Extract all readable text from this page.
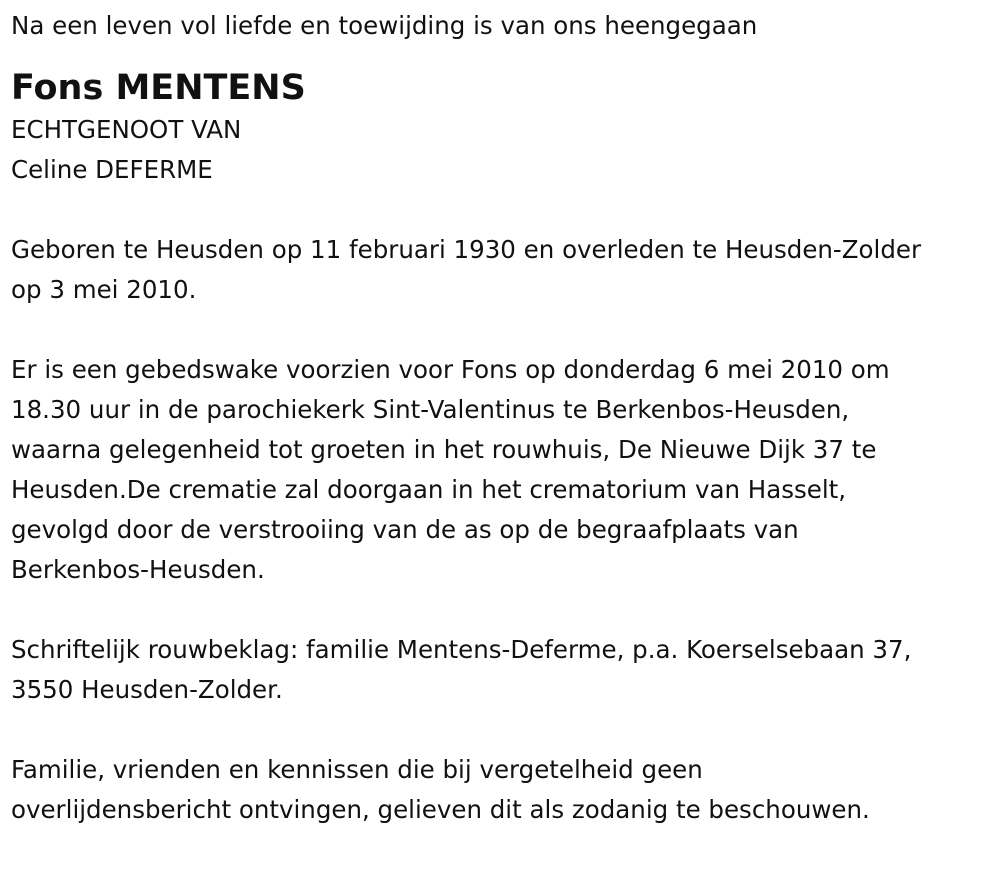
Na een leven vol liefde en toewijding is van ons heengegaan

Fons MENTENS

ECHTGENOOT VAN

Celine DEFERME

Geboren te Heusden op 11 februari 1930 en overleden te Heusden-Zolder

op 3 mei 2010.

Er is een gebedswake voorzien voor Fons op donderdag 6 mei 2010 om

18.30 uur in de parochiekerk Sint-Valentinus te Berkenbos-Heusden,

waarna gelegenheid tot groeten in het rouwhuis, De Nieuwe Dijk 37 te

Heusden.De crematie zal doorgaan in het crematorium van Hasselt,

gevolgd door de verstrooiing van de as op de begraafplaats van

Berkenbos-Heusden.

Schriftelijk rouwbeklag: familie Mentens-Deferme, p.a. Koerselsebaan 37,

3550 Heusden-Zolder.

Familie, vrienden en kennissen die bij vergetelheid geen

overlijdensbericht ontvingen, gelieven dit als zodanig te beschouwen.
